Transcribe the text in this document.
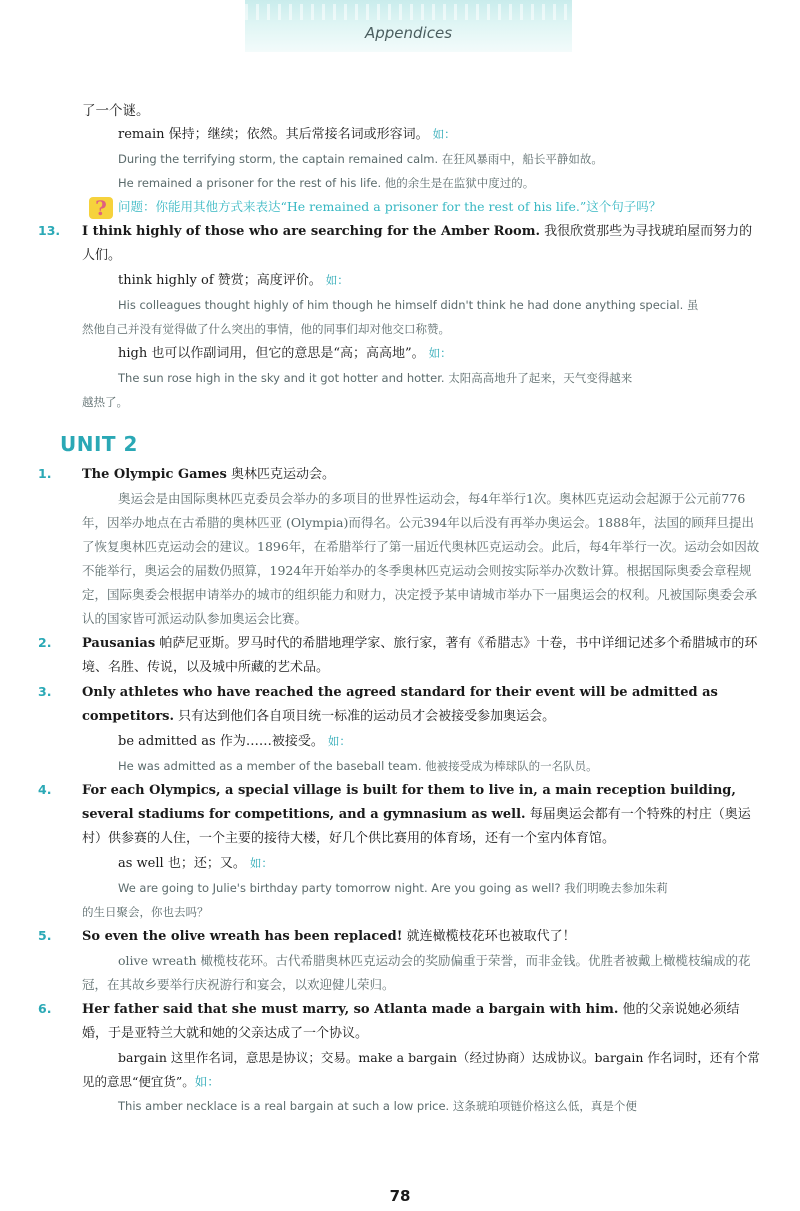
Appendices

了一个谜。

remain 保持；继续；依然。其后常接名词或形容词。 如：

During the terrifying storm, the captain remained calm. 在狂风暴雨中，船长平静如故。

He remained a prisoner for the rest of his life. 他的余生是在监狱中度过的。

? 问题：你能用其他方式来表达“He remained a prisoner for the rest of his life.”这个句子吗？

13. I think highly of those who are searching for the Amber Room. 我很欣赏那些为寻找琥珀屋而努力的人们。

think highly of 赞赏；高度评价。 如：

His colleagues thought highly of him though he himself didn't think he had done anything special. 虽

然他自己并没有觉得做了什么突出的事情，他的同事们却对他交口称赞。

high 也可以作副词用，但它的意思是“高；高高地”。 如：

The sun rose high in the sky and it got hotter and hotter. 太阳高高地升了起来，天气变得越来

越热了。

UNIT 2

1. The Olympic Games 奥林匹克运动会。

奥运会是由国际奥林匹克委员会举办的多项目的世界性运动会，每4年举行1次。奥林匹克运动会起源于公元前776年，因举办地点在古希腊的奥林匹亚 (Olympia)而得名。公元394年以后没有再举办奥运会。1888年，法国的顾拜旦提出了恢复奥林匹克运动会的建议。1896年，在希腊举行了第一届近代奥林匹克运动会。此后，每4年举行一次。运动会如因故不能举行，奥运会的届数仍照算，1924年开始举办的冬季奥林匹克运动会则按实际举办次数计算。根据国际奥委会章程规定，国际奥委会根据申请举办的城市的组织能力和财力，决定授予某申请城市举办下一届奥运会的权利。凡被国际奥委会承认的国家皆可派运动队参加奥运会比赛。

2. Pausanias 帕萨尼亚斯。罗马时代的希腊地理学家、旅行家，著有《希腊志》十卷，书中详细记述多个希腊城市的环境、名胜、传说，以及城中所藏的艺术品。

3. Only athletes who have reached the agreed standard for their event will be admitted as competitors. 只有达到他们各自项目统一标准的运动员才会被接受参加奥运会。

be admitted as 作为……被接受。 如：

He was admitted as a member of the baseball team. 他被接受成为棒球队的一名队员。

4. For each Olympics, a special village is built for them to live in, a main reception building, several stadiums for competitions, and a gymnasium as well. 每届奥运会都有一个特殊的村庄（奥运村）供参赛的人住，一个主要的接待大楼，好几个供比赛用的体育场，还有一个室内体育馆。

as well 也；还；又。 如：

We are going to Julie's birthday party tomorrow night. Are you going as well? 我们明晚去参加朱莉

的生日聚会，你也去吗？

5. So even the olive wreath has been replaced! 就连橄榄枝花环也被取代了！

olive wreath 橄榄枝花环。古代希腊奥林匹克运动会的奖励偏重于荣誉，而非金钱。优胜者被戴上橄榄枝编成的花冠，在其故乡要举行庆祝游行和宴会，以欢迎健儿荣归。

6. Her father said that she must marry, so Atlanta made a bargain with him. 他的父亲说她必须结婚，于是亚特兰大就和她的父亲达成了一个协议。

bargain 这里作名词，意思是协议；交易。make a bargain（经过协商）达成协议。bargain 作名词时，还有个常见的意思“便宜货”。如：

This amber necklace is a real bargain at such a low price. 这条琥珀项链价格这么低，真是个便

78
